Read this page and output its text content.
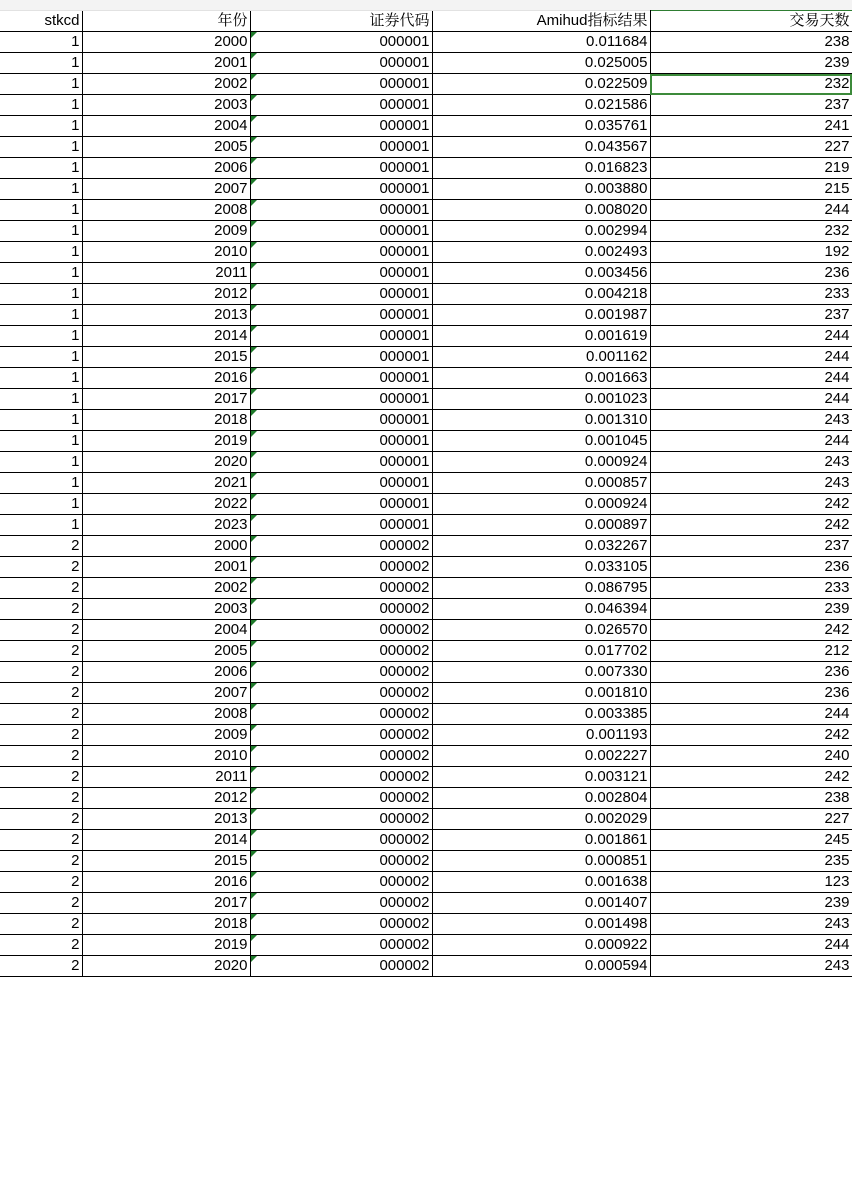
stkcd	年份	证券代码	Amihud指标结果	交易天数
1	2000	000001	0.011684	238
1	2001	000001	0.025005	239
1	2002	000001	0.022509	232
1	2003	000001	0.021586	237
1	2004	000001	0.035761	241
1	2005	000001	0.043567	227
1	2006	000001	0.016823	219
1	2007	000001	0.003880	215
1	2008	000001	0.008020	244
1	2009	000001	0.002994	232
1	2010	000001	0.002493	192
1	2011	000001	0.003456	236
1	2012	000001	0.004218	233
1	2013	000001	0.001987	237
1	2014	000001	0.001619	244
1	2015	000001	0.001162	244
1	2016	000001	0.001663	244
1	2017	000001	0.001023	244
1	2018	000001	0.001310	243
1	2019	000001	0.001045	244
1	2020	000001	0.000924	243
1	2021	000001	0.000857	243
1	2022	000001	0.000924	242
1	2023	000001	0.000897	242
2	2000	000002	0.032267	237
2	2001	000002	0.033105	236
2	2002	000002	0.086795	233
2	2003	000002	0.046394	239
2	2004	000002	0.026570	242
2	2005	000002	0.017702	212
2	2006	000002	0.007330	236
2	2007	000002	0.001810	236
2	2008	000002	0.003385	244
2	2009	000002	0.001193	242
2	2010	000002	0.002227	240
2	2011	000002	0.003121	242
2	2012	000002	0.002804	238
2	2013	000002	0.002029	227
2	2014	000002	0.001861	245
2	2015	000002	0.000851	235
2	2016	000002	0.001638	123
2	2017	000002	0.001407	239
2	2018	000002	0.001498	243
2	2019	000002	0.000922	244
2	2020	000002	0.000594	243
